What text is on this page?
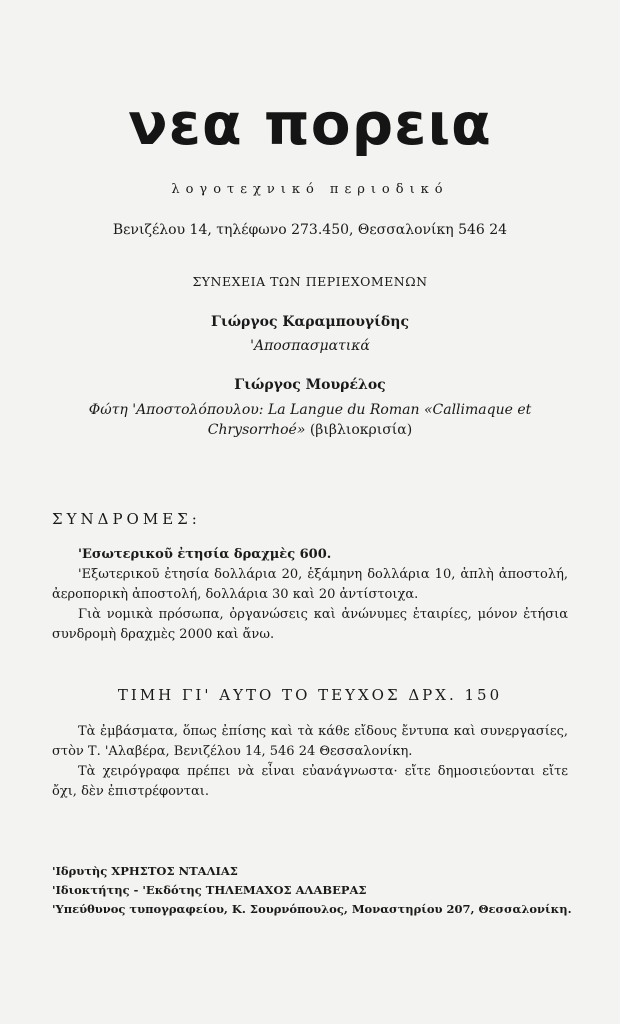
νεα πορεια
λογοτεχνικό περιοδικό
Βενιζέλου 14, τηλέφωνο 273.450, Θεσσαλονίκη 546 24
ΣΥΝΕΧΕΙΑ ΤΩΝ ΠΕΡΙΕΧΟΜΕΝΩΝ
Γιώργος Καραμπουγίδης
'Αποσπασματικά
Γιώργος Μουρέλος
Φώτη 'Αποστολόπουλου: La Langue du Roman «Callimaque et Chrysorrhoé» (βιβλιοκρισία)
ΣΥΝΔΡΟΜΕΣ:
  'Εσωτερικοῦ ἐτησία δραχμὲς 600.
  'Εξωτερικοῦ ἐτησία δολλάρια 20, ἑξάμηνη δολλάρια 10, ἁπλὴ ἀποστολή, ἀεροπορικὴ ἀποστολή, δολλάρια 30 καὶ 20 ἀντίστοιχα.
  Γιὰ νομικὰ πρόσωπα, ὀργανώσεις καὶ ἀνώνυμες ἑταιρίες, μόνον ἐτήσια συνδρομὴ δραχμὲς 2000 καὶ ἄνω.
ΤΙΜΗ ΓΙ' ΑΥΤΟ ΤΟ ΤΕΥΧΟΣ ΔΡΧ. 150
  Τὰ ἐμβάσματα, ὅπως ἐπίσης καὶ τὰ κάθε εἴδους ἔντυπα καὶ συνεργασίες, στὸν Τ. 'Αλαβέρα, Βενιζέλου 14, 546 24 Θεσσαλονίκη.
  Τὰ χειρόγραφα πρέπει νὰ εἶναι εὐανάγνωστα· εἴτε δημοσιεύονται εἴτε ὄχι, δὲν ἐπιστρέφονται.
'Ιδρυτὴς ΧΡΗΣΤΟΣ ΝΤΑΛΙΑΣ
'Ιδιοκτήτης - 'Εκδότης ΤΗΛΕΜΑΧΟΣ ΑΛΑΒΕΡΑΣ
'Υπεύθυνος τυπογραφείου, Κ. Σουρνόπουλος, Μοναστηρίου 207, Θεσσαλονίκη.
